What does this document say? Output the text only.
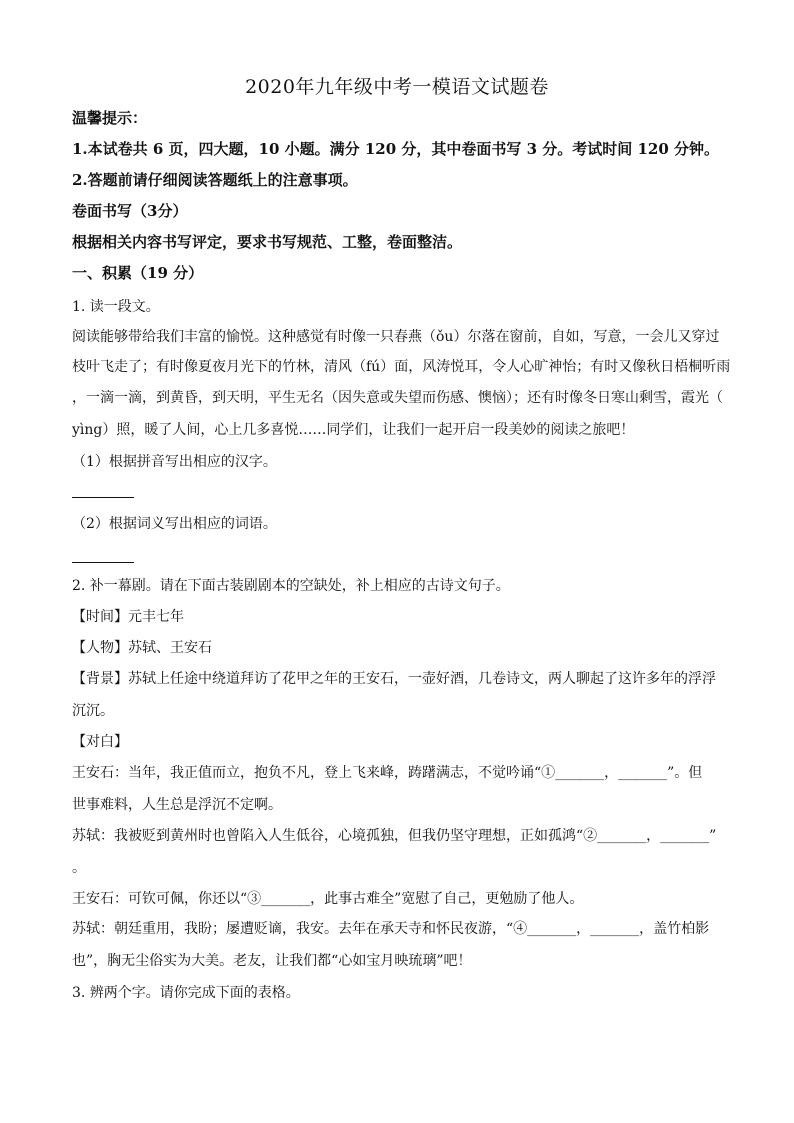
2020年九年级中考一模语文试题卷
温馨提示：
1.本试卷共 6 页，四大题，10 小题。满分 120 分，其中卷面书写 3 分。考试时间 120 分钟。
2.答题前请仔细阅读答题纸上的注意事项。
卷面书写（3分）
根据相关内容书写评定，要求书写规范、工整，卷面整洁。
一、积累（19 分）
1. 读一段文。
阅读能够带给我们丰富的愉悦。这种感觉有时像一只春燕（ǒu）尔落在窗前，自如，写意，一会儿又穿过
枝叶飞走了；有时像夏夜月光下的竹林，清风（fú）面，风涛悦耳，令人心旷神怡；有时又像秋日梧桐听雨
，一滴一滴，到黄昏，到天明，平生无名（因失意或失望而伤感、懊恼）；还有时像冬日寒山剩雪，霞光（
yìng）照，暖了人间，心上几多喜悦……同学们，让我们一起开启一段美妙的阅读之旅吧！
（1）根据拼音写出相应的汉字。
（2）根据词义写出相应的词语。
2. 补一幕剧。请在下面古装剧剧本的空缺处，补上相应的古诗文句子。
【时间】元丰七年
【人物】苏轼、王安石
【背景】苏轼上任途中绕道拜访了花甲之年的王安石，一壶好酒，几卷诗文，两人聊起了这许多年的浮浮
沉沉。
【对白】
王安石：当年，我正值而立，抱负不凡，登上飞来峰，踌躇满志，不觉吟诵“①_______，_______”。但
世事难料，人生总是浮沉不定啊。
苏轼：我被贬到黄州时也曾陷入人生低谷，心境孤独，但我仍坚守理想，正如孤鸿“②_______，_______”
。
王安石：可钦可佩，你还以“③_______，此事古难全”宽慰了自己，更勉励了他人。
苏轼：朝廷重用，我盼；屡遭贬谪，我安。去年在承天寺和怀民夜游，“④_______，_______，盖竹柏影
也”，胸无尘俗实为大美。老友，让我们都“心如宝月映琉璃”吧！
3. 辨两个字。请你完成下面的表格。
